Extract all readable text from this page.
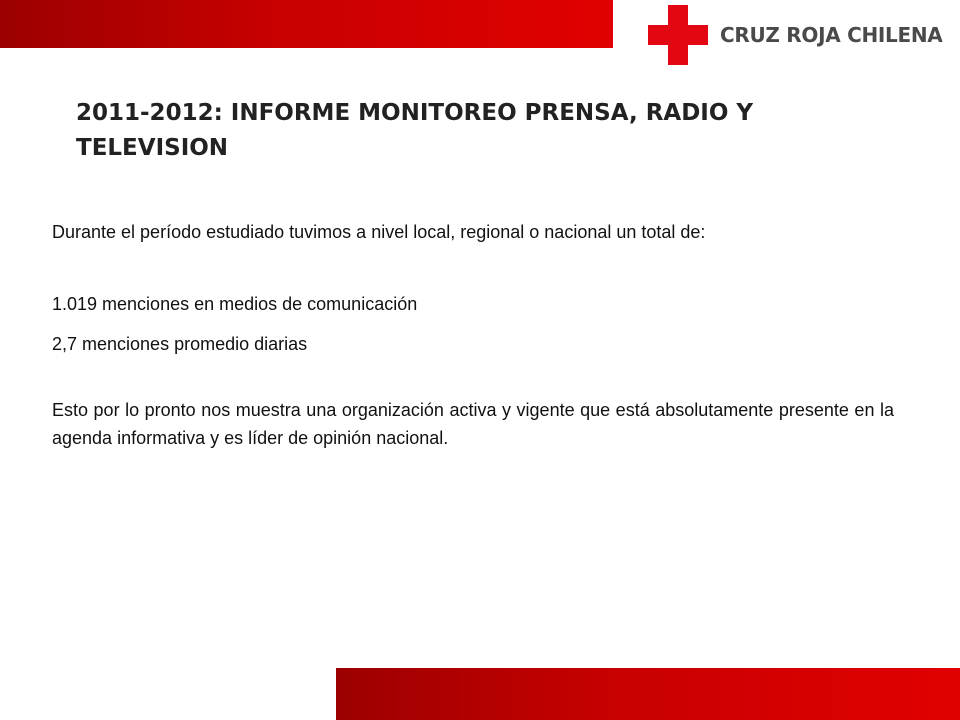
CRUZ ROJA CHILENA
2011-2012: INFORME MONITOREO PRENSA, RADIO Y TELEVISION

Durante el período estudiado tuvimos a nivel local, regional o nacional un total de:

1.019 menciones en medios de comunicación

2,7 menciones promedio diarias

Esto por lo pronto nos muestra una organización activa y vigente que está absolutamente presente en la agenda informativa y es líder de opinión nacional.
